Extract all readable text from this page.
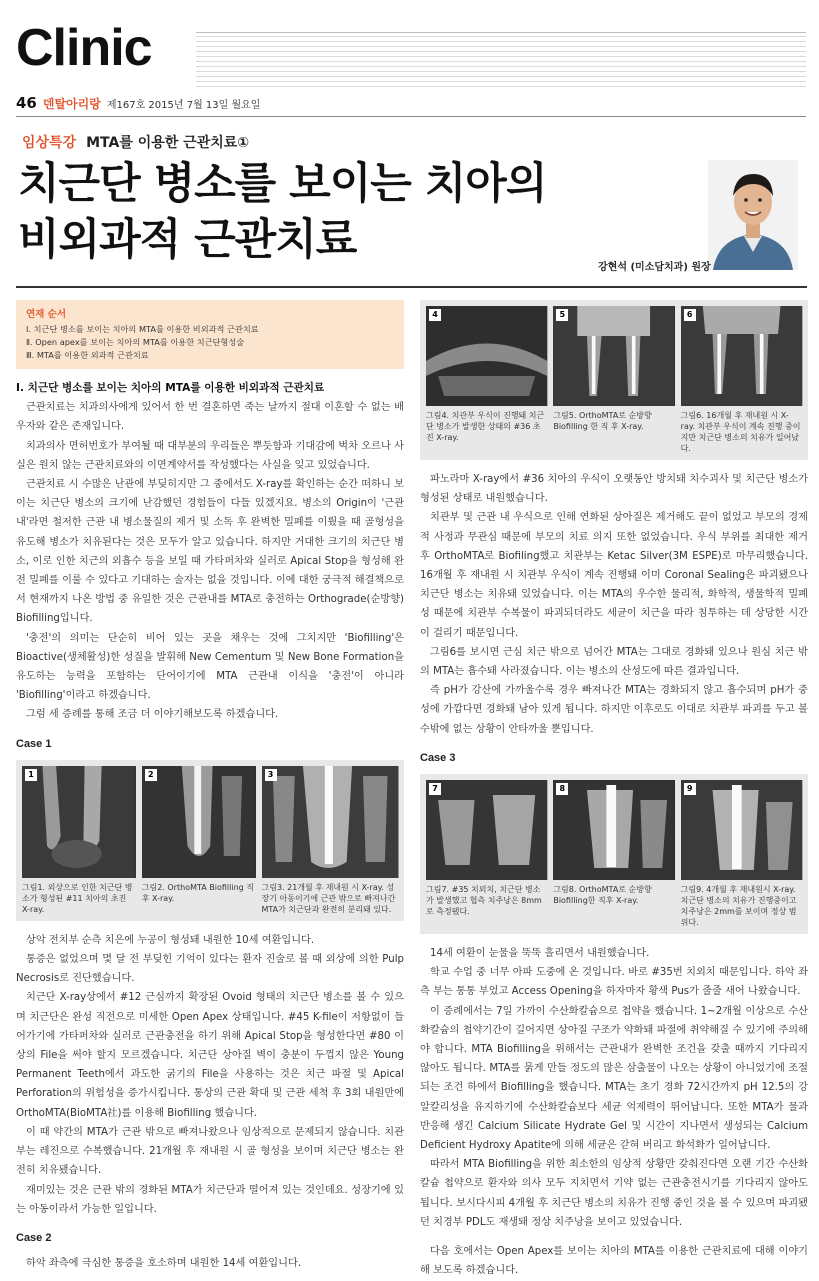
Clinic
46 덴탈아리랑 제167호 2015년 7월 13일 월요일
임상특강 MTA를 이용한 근관치료①
치근단 병소를 보이는 치아의
비외과적 근관치료
강현석 (미소담치과) 원장
연재 순서
Ⅰ. 치근단 병소를 보이는 치아의 MTA를 이용한 비외과적 근관치료
Ⅱ. Open apex를 보이는 치아의 MTA를 이용한 치근단형성술
Ⅲ. MTA를 이용한 외과적 근관치료
Ⅰ. 치근단 병소를 보이는 치아의 MTA를 이용한 비외과적 근관치료

근관치료는 치과의사에게 있어서 한 번 결혼하면 죽는 날까지 절대 이혼할 수 없는 배우자와 같은 존재입니다.

치과의사 면허번호가 부여될 때 대부분의 우리들은 뿌듯함과 기대감에 벅차 오르나 사실은 원치 않는 근관치료와의 이면계약서를 작성했다는 사실을 잊고 있었습니다.

근관치료 시 수많은 난관에 부딪히지만 그 중에서도 X-ray를 확인하는 순간 떠하니 보이는 치근단 병소의 크기에 난감했던 경험들이 다들 있겠지요. 병소의 Origin이 '근관내'라면 철저한 근관 내 병소물질의 제거 및 소독 후 완벽한 밀폐를 이뤘을 때 골형성을 유도해 병소가 치유된다는 것은 모두가 알고 있습니다. 하지만 거대한 크기의 치근단 병소, 이로 인한 치근의 외흡수 등을 보일 때 가타퍼차와 실러로 Apical Stop을 형성해 완전 밀폐를 이룰 수 있다고 기대하는 술자는 없을 것입니다. 이에 대한 궁극적 해결책으로서 현재까지 나온 방법 중 유일한 것은 근관내를 MTA로 충전하는 Orthograde(순방향) Biofilling입니다.

'충전'의 의미는 단순히 비어 있는 곳을 채우는 것에 그치지만 'Biofilling'은 Bioactive(생체활성)한 성질을 발휘해 New Cementum 및 New Bone Formation을 유도하는 능력을 포함하는 단어이기에 MTA 근관내 이식을 '충전'이 아니라 'Biofilling'이라고 하겠습니다.

그럼 세 증례를 통해 조금 더 이야기해보도록 하겠습니다.

Case 1
1
그림1. 외상으로 인한 치근단 병소가 형성된 #11 치아의 초진 X-ray.
2
그림2. OrthoMTA Biofilling 직후 X-ray.
3
그림3. 21개월 후 재내원 시 X-ray. 성장기 아동이기에 근관 밖으로 빠져나간 MTA가 치근단과 완전히 분리돼 있다.

상악 전치부 순측 치은에 누공이 형성돼 내원한 10세 여환입니다.

통증은 없었으며 몇 달 전 부딪힌 기억이 있다는 환자 진술로 볼 때 외상에 의한 Pulp Necrosis로 진단했습니다.

치근단 X-ray상에서 #12 근심까지 확장된 Ovoid 형태의 치근단 병소를 볼 수 있으며 치근단은 완성 직전으로 미세한 Open Apex 상태입니다. #45 K-file이 저항없이 들어가기에 가타퍼차와 실러로 근관충전을 하기 위해 Apical Stop을 형성한다면 #80 이상의 File을 써야 할지 모르겠습니다. 치근단 상아질 벽이 충분이 두껍지 않은 Young Permanent Teeth에서 과도한 굵기의 File을 사용하는 것은 치근 파절 및 Apical Perforation의 위험성을 증가시킵니다. 통상의 근관 확대 및 근관 세척 후 3회 내원만에 OrthoMTA(BioMTA社)를 이용해 Biofilling 했습니다.

이 때 약간의 MTA가 근관 밖으로 빠져나왔으나 임상적으로 문제되지 않습니다. 치관부는 레진으로 수복했습니다. 21개월 후 재내원 시 골 형성을 보이며 치근단 병소는 완전히 치유됐습니다.

재미있는 것은 근관 밖의 경화된 MTA가 치근단과 떨어져 있는 것인데요. 성장기에 있는 아동이라서 가능한 일입니다.

Case 2

하악 좌측에 극심한 통증을 호소하며 내원한 14세 여환입니다.

4
그림4. 치관부 우식이 진행돼 치근단 병소가 발생한 상태의 #36 초진 X-ray.
5
그림5. OrthoMTA로 순방향 Biofilling 한 직 후 X-ray.
6
그림6. 16개월 후 재내원 시 X-ray. 치관부 우식이 계속 진행 중이지만 치근단 병소의 치유가 일어났다.

파노라마 X-ray에서 #36 치아의 우식이 오랫동안 방치돼 치수괴사 및 치근단 병소가 형성된 상태로 내원했습니다.

치관부 및 근관 내 우식으로 인해 연화된 상아질은 제거해도 끝이 없었고 부모의 경제적 사정과 무관심 때문에 부모의 치료 의지 또한 없었습니다. 우식 부위를 최대한 제거 후 OrthoMTA로 Biofiling했고 치관부는 Ketac Silver(3M ESPE)로 마무리했습니다. 16개월 후 재내원 시 치관부 우식이 계속 진행돼 이미 Coronal Sealing은 파괴됐으나 치근단 병소는 치유돼 있었습니다. 이는 MTA의 우수한 물리적, 화학적, 생물학적 밀폐성 때문에 치관부 수복물이 파괴되더라도 세균이 치근을 따라 침투하는 데 상당한 시간이 걸리기 때문입니다.

그림6를 보시면 근심 치근 밖으로 넘어간 MTA는 그대로 경화돼 있으나 원심 치근 밖의 MTA는 흡수돼 사라졌습니다. 이는 병소의 산성도에 따른 결과입니다.

즉 pH가 강산에 가까울수록 경우 빠져나간 MTA는 경화되지 않고 흡수되며 pH가 중성에 가깝다면 경화돼 남아 있게 됩니다. 하지만 이후로도 이대로 치관부 파괴를 두고 볼 수밖에 없는 상황이 안타까울 뿐입니다.

Case 3
7
그림7. #35 치외치, 치근단 병소가 발생했고 협측 치주낭은 8mm로 측정됐다.
8
그림8. OrthoMTA로 순방향 Biofilling한 직후 X-ray.
9
그림9. 4개월 후 재내원시 X-ray. 치근단 병소의 치유가 진행중이고 치주낭은 2mm를 보이며 정상 범위다.

14세 여환이 눈물을 뚝뚝 흘리면서 내원했습니다.

학교 수업 중 너무 아파 도중에 온 것입니다. 바로 #35번 치외치 때문입니다. 하악 좌측 부는 통통 부었고 Access Opening을 하자마자 황색 Pus가 줄줄 새어 나왔습니다.

이 증례에서는 7일 가까이 수산화칼슘으로 첩약을 했습니다. 1~2개월 이상으로 수산화칼슘의 첩약기간이 길어지면 상아질 구조가 약화돼 파절에 취약해질 수 있기에 주의해야 합니다. MTA Biofilling을 위해서는 근관내가 완벽한 조건을 갖출 때까지 기다리지 않아도 됩니다. MTA를 묽게 만들 정도의 많은 삼출물이 나오는 상황이 아니었기에 조절되는 조건 하에서 Biofilling을 했습니다. MTA는 초기 경화 72시간까지 pH 12.5의 강알칼리성을 유지하기에 수산화칼슘보다 세균 억제력이 뛰어납니다. 또한 MTA가 물과 반응해 생긴 Calcium Silicate Hydrate Gel 및 시간이 지나면서 생성되는 Calcium Deficient Hydroxy Apatite에 의해 세균은 갇혀 버리고 화석화가 일어납니다.

따라서 MTA Biofilling을 위한 최소한의 임상적 상황만 갖춰진다면 오랜 기간 수산화칼슘 첩약으로 환자와 의사 모두 지치면서 기약 없는 근관충전시기를 기다리지 않아도 됩니다. 보시다시피 4개월 후 치근단 병소의 치유가 진행 중인 것을 볼 수 있으며 파괴됐던 치경부 PDL도 재생돼 정상 치주낭을 보이고 있었습니다.

다음 호에서는 Open Apex를 보이는 치아의 MTA를 이용한 근관치료에 대해 이야기해 보도록 하겠습니다.
